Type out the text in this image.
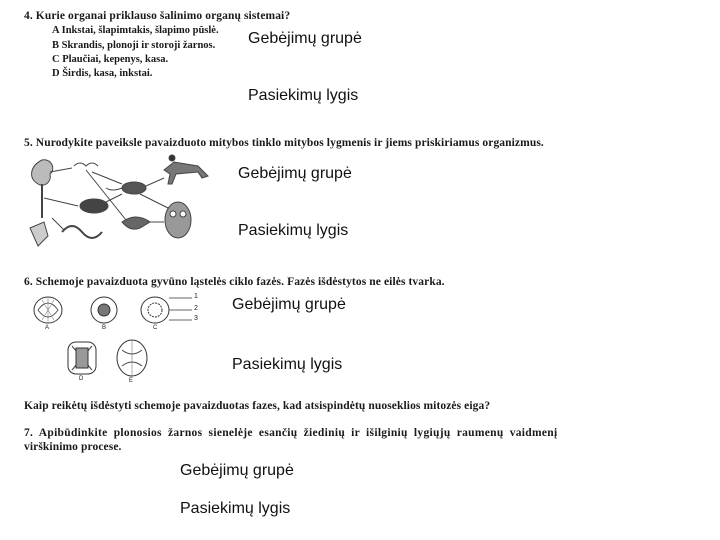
4. Kurie organai priklauso šalinimo organų sistemai?
A Inkstai, šlapimtakis, šlapimo pūslė.
B Skrandis, plonoji ir storoji žarnos.
C Plaučiai, kepenys, kasa.
D Širdis, kasa, inkstai.
Gebėjimų grupė
Pasiekimų lygis
5. Nurodykite paveiksle pavaizduoto mitybos tinklo mitybos lygmenis ir jiems priskiriamus organizmus.
Gebėjimų grupė
Pasiekimų lygis
6. Schemoje pavaizduota gyvūno ląstelės ciklo fazės. Fazės išdėstytos ne eilės tvarka.
A	B	C
D	E
1
2
3
Gebėjimų grupė
Pasiekimų lygis
Kaip reikėtų išdėstyti schemoje pavaizduotas fazes, kad atsispindėtų nuoseklios mitozės eiga?
7. Apibūdinkite plonosios žarnos sienelėje esančių žiedinių ir išilginių lygiųjų raumenų vaidmenį
virškinimo procese.
Gebėjimų grupė
Pasiekimų lygis
